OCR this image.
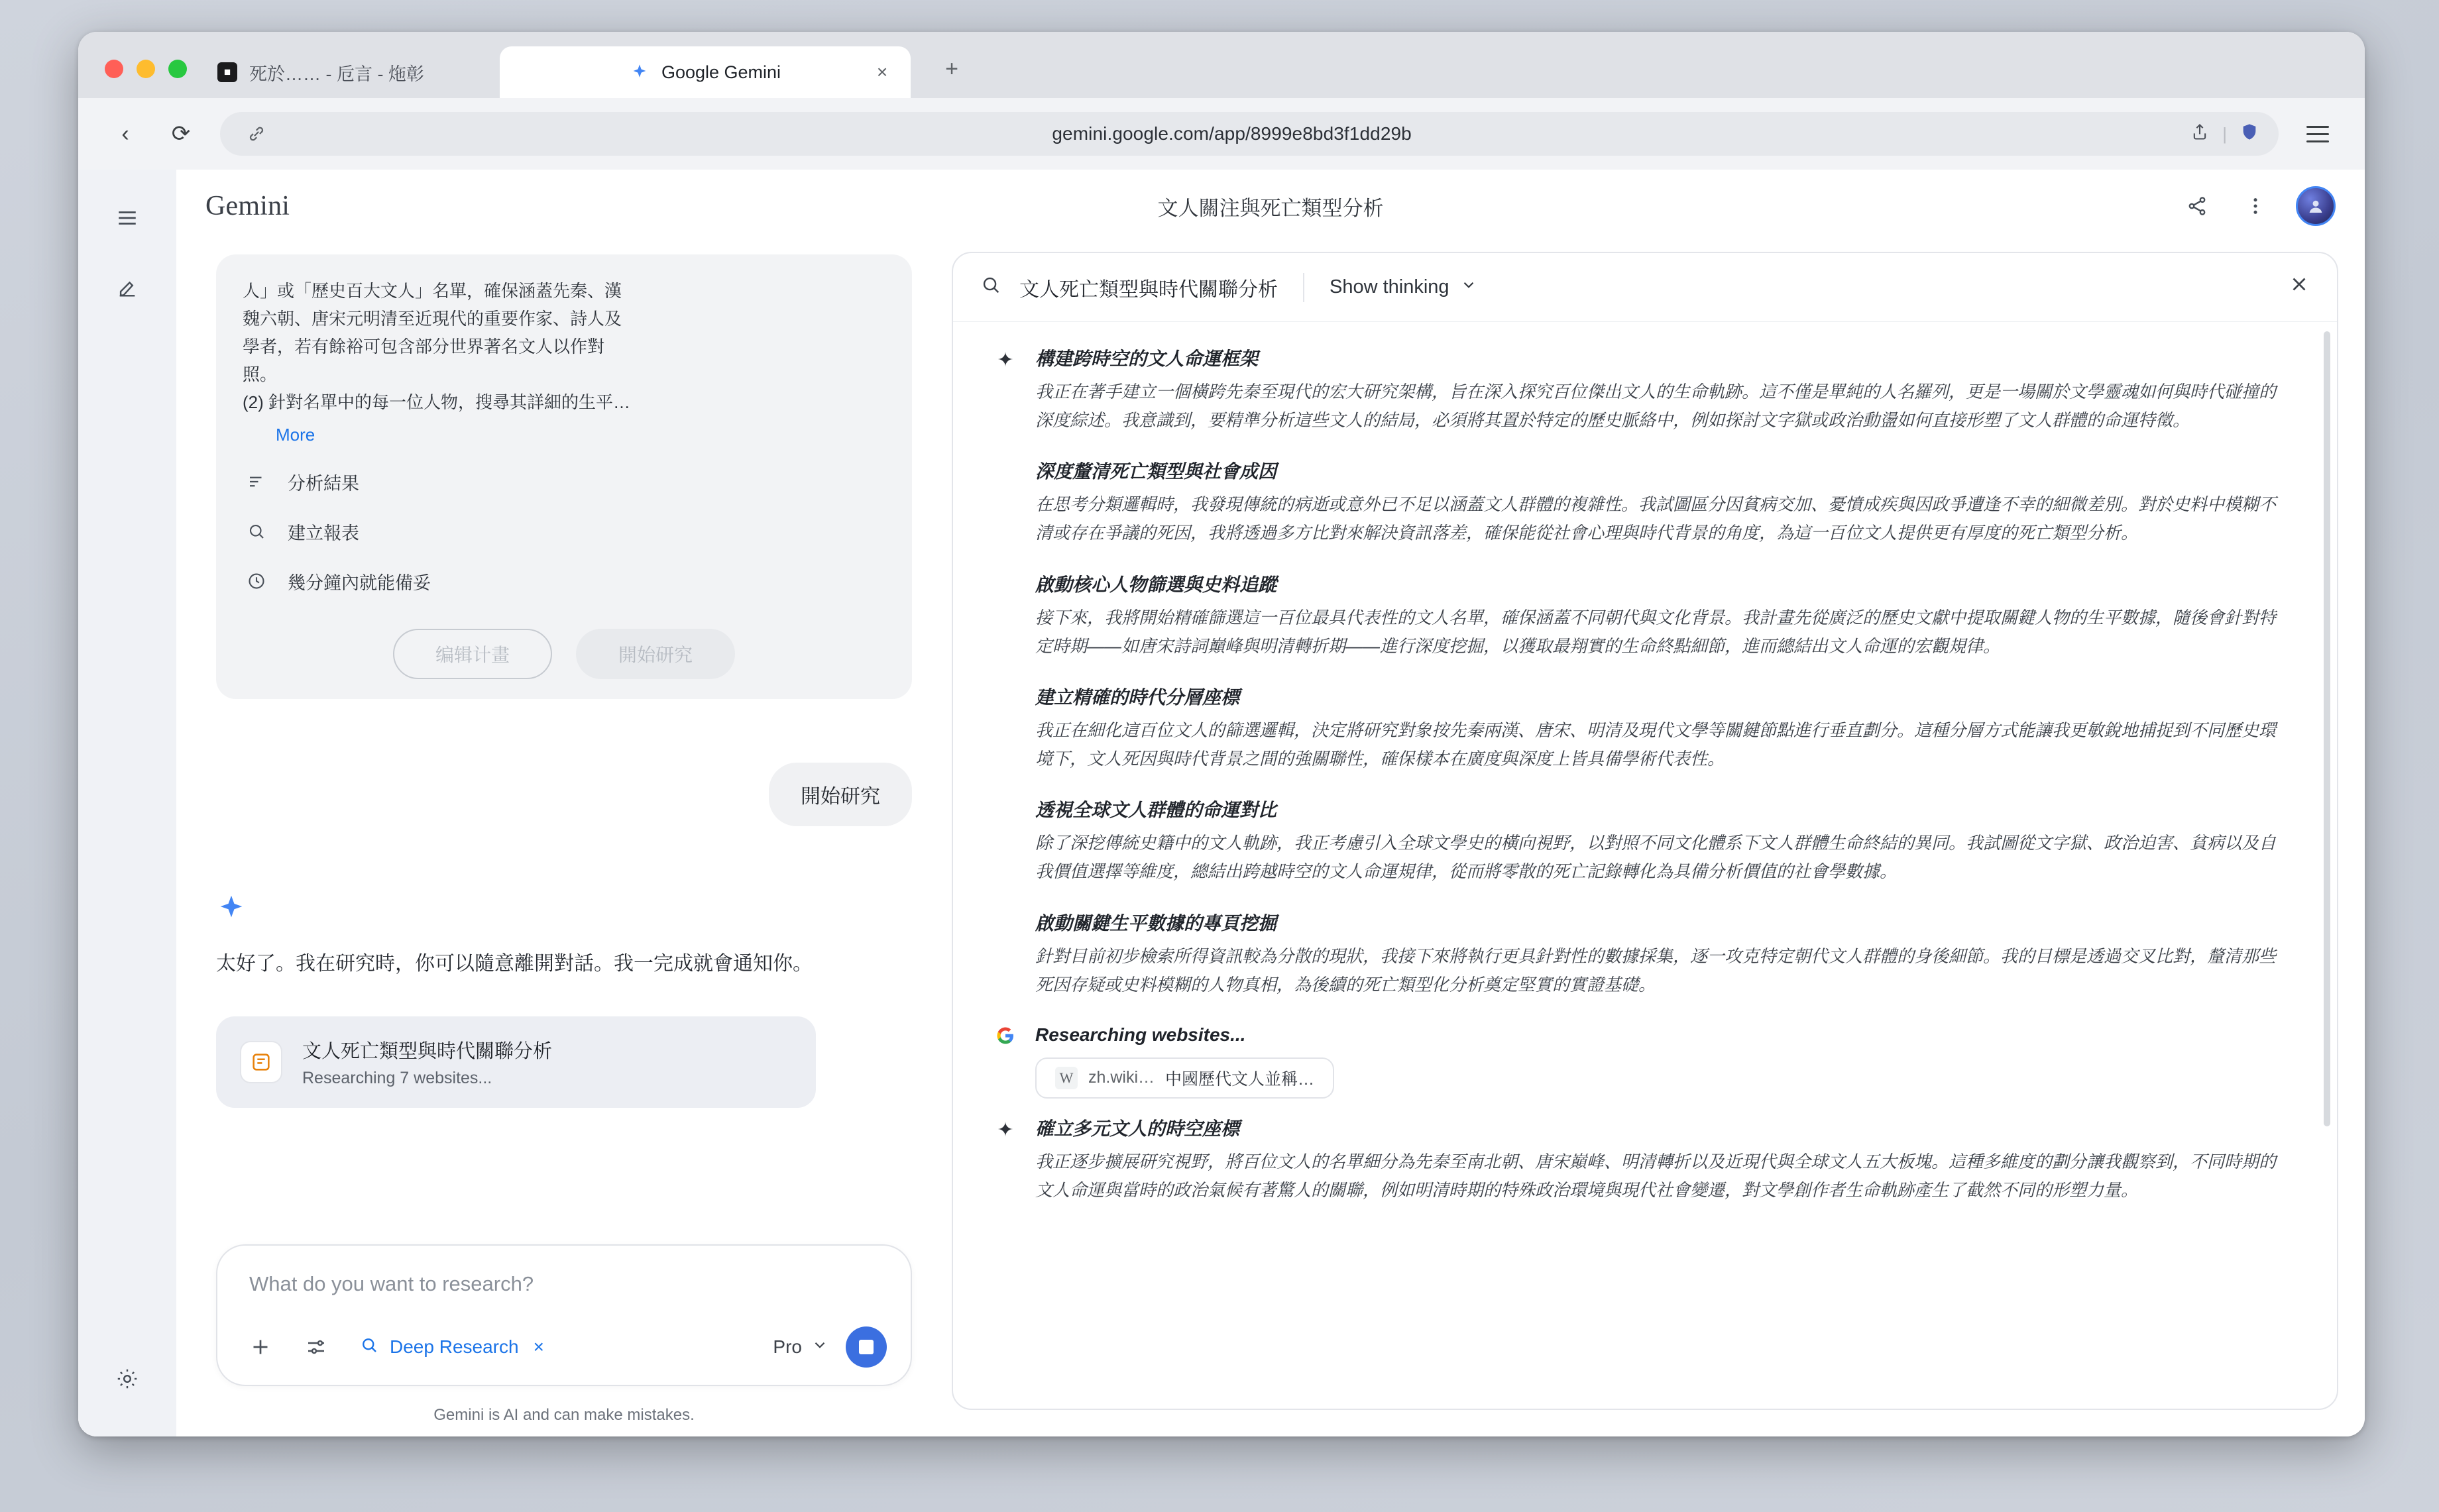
■	死於…… - 卮言 - 炧彰	Google Gemini	×	+
‹	⟳	gemini.google.com/app/8999e8bd3f1dd29b	|
Gemini	文人關注與死亡類型分析
人」或「歷史百大文人」名單，確保涵蓋先秦、漢
魏六朝、唐宋元明清至近現代的重要作家、詩人及
學者，若有餘裕可包含部分世界著名文人以作對
照。
(2) 針對名單中的每一位人物，搜尋其詳細的生平…
More
分析結果
建立報表
幾分鐘內就能備妥
编辑计畫	開始研究
開始研究
太好了。我在研究時，你可以隨意離開對話。我一完成就會通知你。
文人死亡類型與時代關聯分析
Researching 7 websites...
What do you want to research?
Deep Research ×	Pro
Gemini is AI and can make mistakes.
文人死亡類型與時代關聯分析	Show thinking
✦ 構建跨時空的文人命運框架
我正在著手建立一個橫跨先秦至現代的宏大研究架構，旨在深入探究百位傑出文人的生命軌跡。這不僅是單純的人名羅列，更是一場關於文學靈魂如何與時代碰撞的深度綜述。我意識到，要精準分析這些文人的結局，必須將其置於特定的歷史脈絡中，例如探討文字獄或政治動盪如何直接形塑了文人群體的命運特徵。
深度釐清死亡類型與社會成因
在思考分類邏輯時，我發現傳統的病逝或意外已不足以涵蓋文人群體的複雜性。我試圖區分因貧病交加、憂憤成疾與因政爭遭逢不幸的細微差別。對於史料中模糊不清或存在爭議的死因，我將透過多方比對來解決資訊落差，確保能從社會心理與時代背景的角度，為這一百位文人提供更有厚度的死亡類型分析。
啟動核心人物篩選與史料追蹤
接下來，我將開始精確篩選這一百位最具代表性的文人名單，確保涵蓋不同朝代與文化背景。我計畫先從廣泛的歷史文獻中提取關鍵人物的生平數據，隨後會針對特定時期——如唐宋詩詞巔峰與明清轉折期——進行深度挖掘，以獲取最翔實的生命終點細節，進而總結出文人命運的宏觀規律。
建立精確的時代分層座標
我正在細化這百位文人的篩選邏輯，決定將研究對象按先秦兩漢、唐宋、明清及現代文學等關鍵節點進行垂直劃分。這種分層方式能讓我更敏銳地捕捉到不同歷史環境下，文人死因與時代背景之間的強關聯性，確保樣本在廣度與深度上皆具備學術代表性。
透視全球文人群體的命運對比
除了深挖傳統史籍中的文人軌跡，我正考慮引入全球文學史的橫向視野，以對照不同文化體系下文人群體生命終結的異同。我試圖從文字獄、政治迫害、貧病以及自我價值選擇等維度，總結出跨越時空的文人命運規律，從而將零散的死亡記錄轉化為具備分析價值的社會學數據。
啟動關鍵生平數據的專頁挖掘
針對目前初步檢索所得資訊較為分散的現狀，我接下來將執行更具針對性的數據採集，逐一攻克特定朝代文人群體的身後細節。我的目標是透過交叉比對，釐清那些死因存疑或史料模糊的人物真相，為後續的死亡類型化分析奠定堅實的實證基礎。
Researching websites...
W zh.wiki… 中國歷代文人並稱…
✦ 確立多元文人的時空座標
我正逐步擴展研究視野，將百位文人的名單細分為先秦至南北朝、唐宋巔峰、明清轉折以及近現代與全球文人五大板塊。這種多維度的劃分讓我觀察到，不同時期的文人命運與當時的政治氣候有著驚人的關聯，例如明清時期的特殊政治環境與現代社會變遷，對文學創作者生命軌跡產生了截然不同的形塑力量。
